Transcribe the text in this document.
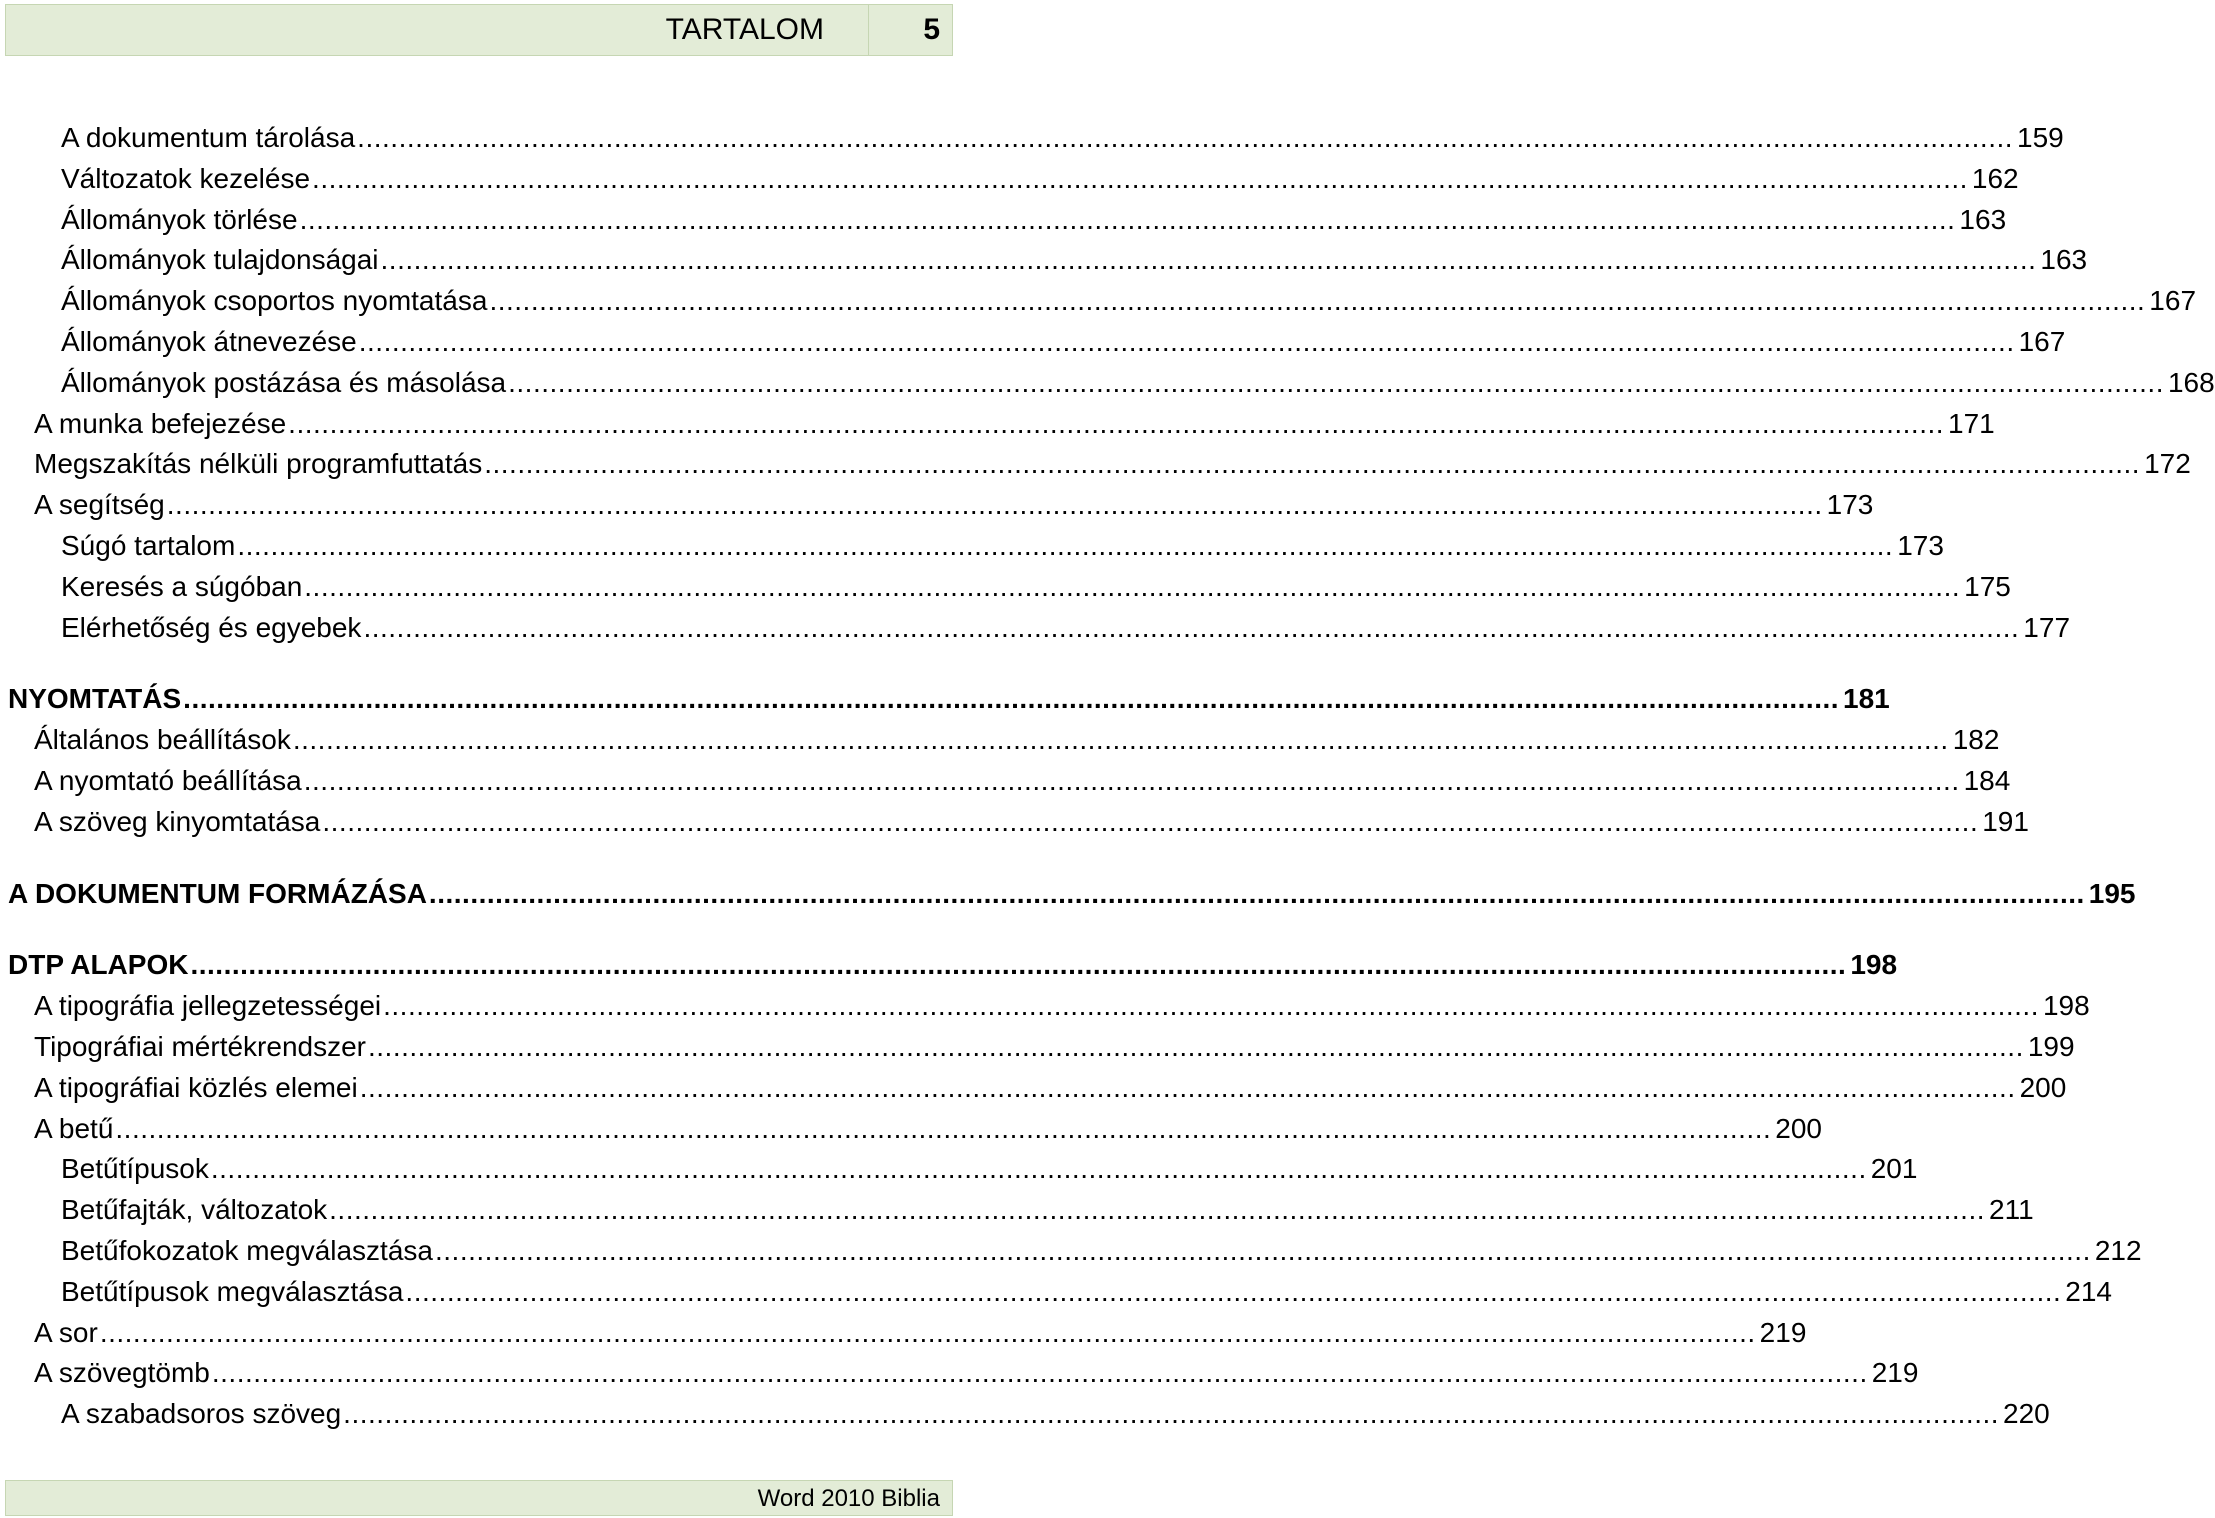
TARTALOM	5
A dokumentum tárolása ........................................................................................................................................................................................................ 159
Változatok kezelése ........................................................................................................................................................................................................ 162
Állományok törlése ........................................................................................................................................................................................................ 163
Állományok tulajdonságai ........................................................................................................................................................................................................ 163
Állományok csoportos nyomtatása ........................................................................................................................................................................................................ 167
Állományok átnevezése ........................................................................................................................................................................................................ 167
Állományok postázása és másolása ........................................................................................................................................................................................................ 168
A munka befejezése ........................................................................................................................................................................................................ 171
Megszakítás nélküli programfuttatás ........................................................................................................................................................................................................ 172
A segítség ........................................................................................................................................................................................................ 173
Súgó tartalom ........................................................................................................................................................................................................ 173
Keresés a súgóban ........................................................................................................................................................................................................ 175
Elérhetőség és egyebek ........................................................................................................................................................................................................ 177
NYOMTATÁS ........................................................................................................................................................................................................ 181
Általános beállítások ........................................................................................................................................................................................................ 182
A nyomtató beállítása ........................................................................................................................................................................................................ 184
A szöveg kinyomtatása ........................................................................................................................................................................................................ 191
A DOKUMENTUM FORMÁZÁSA ........................................................................................................................................................................................................ 195
DTP ALAPOK ........................................................................................................................................................................................................ 198
A tipográfia jellegzetességei ........................................................................................................................................................................................................ 198
Tipográfiai mértékrendszer ........................................................................................................................................................................................................ 199
A tipográfiai közlés elemei ........................................................................................................................................................................................................ 200
A betű ........................................................................................................................................................................................................ 200
Betűtípusok ........................................................................................................................................................................................................ 201
Betűfajták, változatok ........................................................................................................................................................................................................ 211
Betűfokozatok megválasztása ........................................................................................................................................................................................................ 212
Betűtípusok megválasztása ........................................................................................................................................................................................................ 214
A sor ........................................................................................................................................................................................................ 219
A szövegtömb ........................................................................................................................................................................................................ 219
A szabadsoros szöveg ........................................................................................................................................................................................................ 220
Word 2010 Biblia
